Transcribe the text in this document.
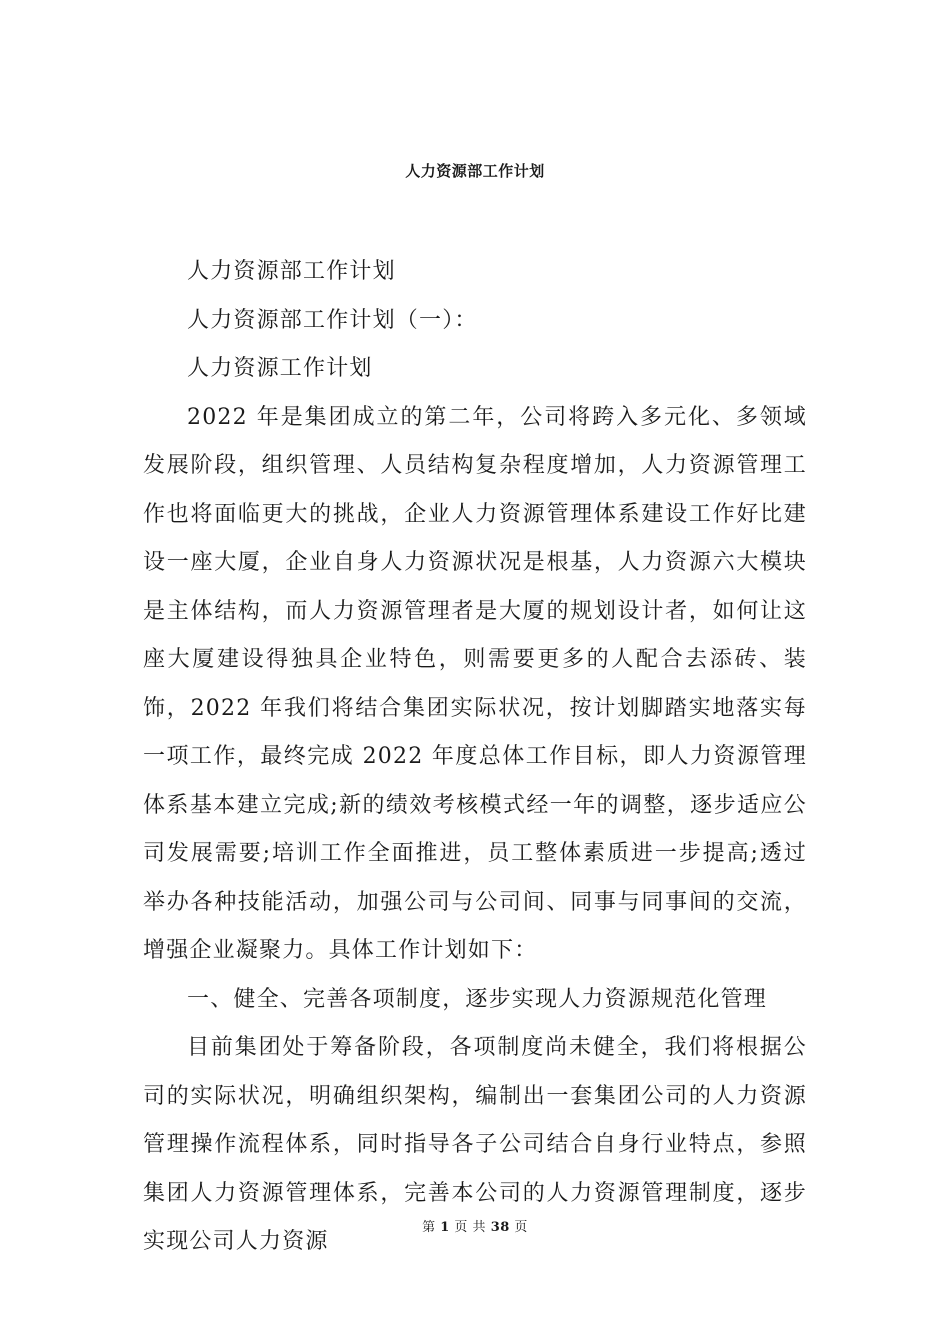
人力资源部工作计划

人力资源部工作计划

人力资源部工作计划（一）：

人力资源工作计划

2022 年是集团成立的第二年，公司将跨入多元化、多领域发展阶段，组织管理、人员结构复杂程度增加，人力资源管理工作也将面临更大的挑战，企业人力资源管理体系建设工作好比建设一座大厦，企业自身人力资源状况是根基，人力资源六大模块是主体结构，而人力资源管理者是大厦的规划设计者，如何让这座大厦建设得独具企业特色，则需要更多的人配合去添砖、装饰，2022 年我们将结合集团实际状况，按计划脚踏实地落实每一项工作，最终完成 2022 年度总体工作目标，即人力资源管理体系基本建立完成;新的绩效考核模式经一年的调整，逐步适应公司发展需要;培训工作全面推进，员工整体素质进一步提高;透过举办各种技能活动，加强公司与公司间、同事与同事间的交流，增强企业凝聚力。具体工作计划如下：

一、健全、完善各项制度，逐步实现人力资源规范化管理

目前集团处于筹备阶段，各项制度尚未健全，我们将根据公司的实际状况，明确组织架构，编制出一套集团公司的人力资源管理操作流程体系，同时指导各子公司结合自身行业特点，参照集团人力资源管理体系，完善本公司的人力资源管理制度，逐步实现公司人力资源

第 1 页 共 38 页
